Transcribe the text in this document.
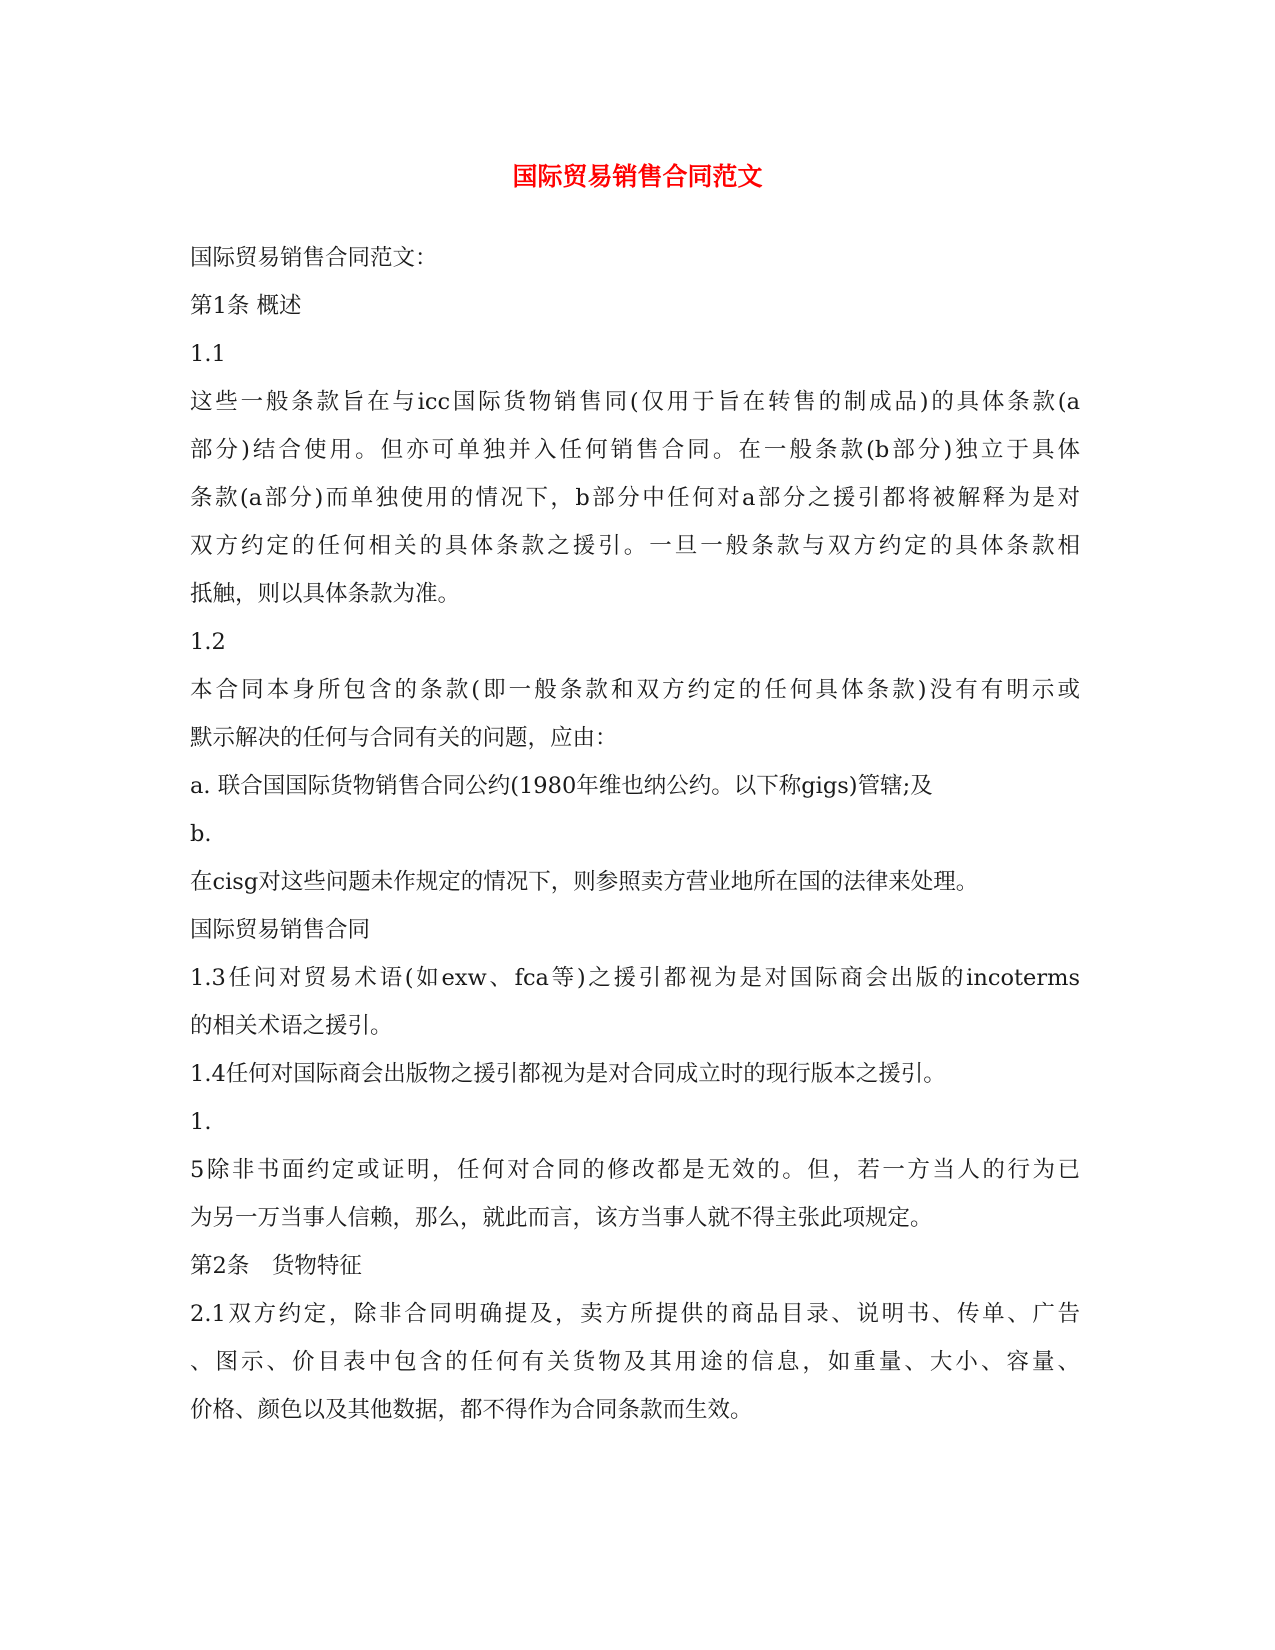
国际贸易销售合同范文
国际贸易销售合同范文：
第1条 概述
1.1
这些一般条款旨在与icc国际货物销售同(仅用于旨在转售的制成品)的具体条款(a
部分)结合使用。但亦可单独并入任何销售合同。在一般条款(b部分)独立于具体
条款(a部分)而单独使用的情况下，b部分中任何对a部分之援引都将被解释为是对
双方约定的任何相关的具体条款之援引。一旦一般条款与双方约定的具体条款相
抵触，则以具体条款为准。
1.2
本合同本身所包含的条款(即一般条款和双方约定的任何具体条款)没有有明示或
默示解决的任何与合同有关的问题，应由：
a. 联合国国际货物销售合同公约(1980年维也纳公约。以下称gigs)管辖;及
b.
在cisg对这些问题未作规定的情况下，则参照卖方营业地所在国的法律来处理。
国际贸易销售合同
1.3任问对贸易术语(如exw、fca等)之援引都视为是对国际商会出版的incoterms
的相关术语之援引。
1.4任何对国际商会出版物之援引都视为是对合同成立时的现行版本之援引。
1.
5除非书面约定或证明，任何对合同的修改都是无效的。但，若一方当人的行为已
为另一万当事人信赖，那么，就此而言，该方当事人就不得主张此项规定。
第2条　货物特征
2.1双方约定，除非合同明确提及，卖方所提供的商品目录、说明书、传单、广告
、图示、价目表中包含的任何有关货物及其用途的信息，如重量、大小、容量、
价格、颜色以及其他数据，都不得作为合同条款而生效。
